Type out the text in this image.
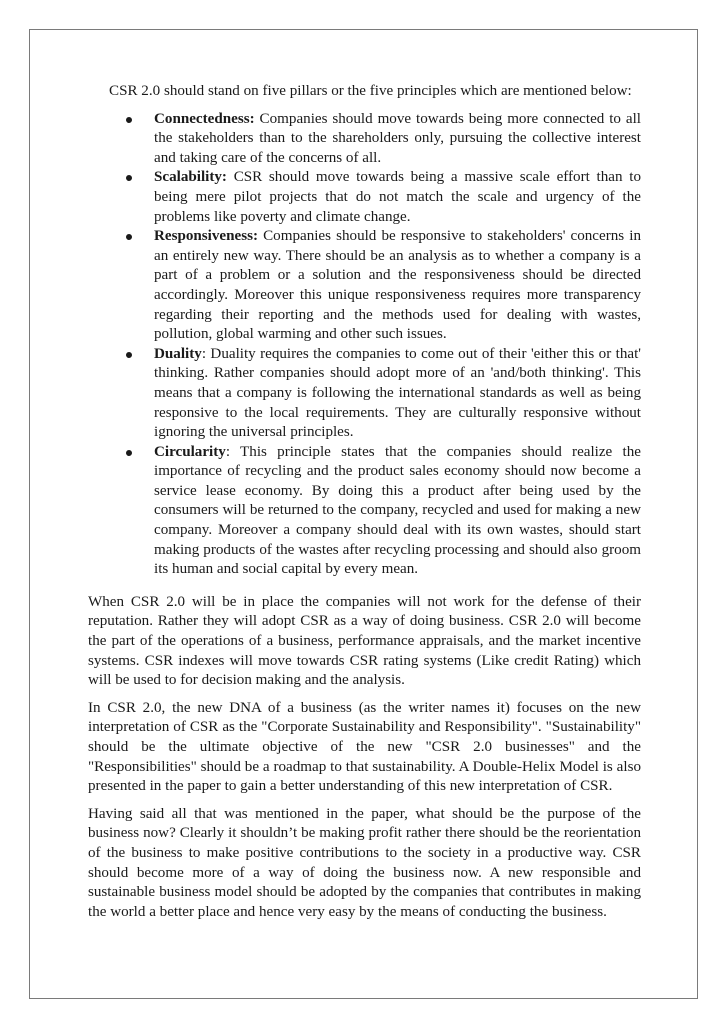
CSR 2.0 should stand on five pillars or the five principles which are mentioned below:

Connectedness: Companies should move towards being more connected to all the stakeholders than to the shareholders only, pursuing the collective interest and taking care of the concerns of all.
Scalability: CSR should move towards being a massive scale effort than to being mere pilot projects that do not match the scale and urgency of the problems like poverty and climate change.
Responsiveness: Companies should be responsive to stakeholders' concerns in an entirely new way. There should be an analysis as to whether a company is a part of a problem or a solution and the responsiveness should be directed accordingly. Moreover this unique responsiveness requires more transparency regarding their reporting and the methods used for dealing with wastes, pollution, global warming and other such issues.
Duality: Duality requires the companies to come out of their 'either this or that' thinking. Rather companies should adopt more of an 'and/both thinking'. This means that a company is following the international standards as well as being responsive to the local requirements. They are culturally responsive without ignoring the universal principles.
Circularity: This principle states that the companies should realize the importance of recycling and the product sales economy should now become a service lease economy. By doing this a product after being used by the consumers will be returned to the company, recycled and used for making a new company. Moreover a company should deal with its own wastes, should start making products of the wastes after recycling processing and should also groom its human and social capital by every mean.

When CSR 2.0 will be in place the companies will not work for the defense of their reputation. Rather they will adopt CSR as a way of doing business. CSR 2.0 will become the part of the operations of a business, performance appraisals, and the market incentive systems. CSR indexes will move towards CSR rating systems (Like credit Rating) which will be used to for decision making and the analysis.

In CSR 2.0, the new DNA of a business (as the writer names it) focuses on the new interpretation of CSR as the "Corporate Sustainability and Responsibility". "Sustainability" should be the ultimate objective of the new "CSR 2.0 businesses" and the "Responsibilities" should be a roadmap to that sustainability. A Double-Helix Model is also presented in the paper to gain a better understanding of this new interpretation of CSR.

Having said all that was mentioned in the paper, what should be the purpose of the business now? Clearly it shouldn’t be making profit rather there should be the reorientation of the business to make positive contributions to the society in a productive way. CSR should become more of a way of doing the business now. A new responsible and sustainable business model should be adopted by the companies that contributes in making the world a better place and hence very easy by the means of conducting the business.
